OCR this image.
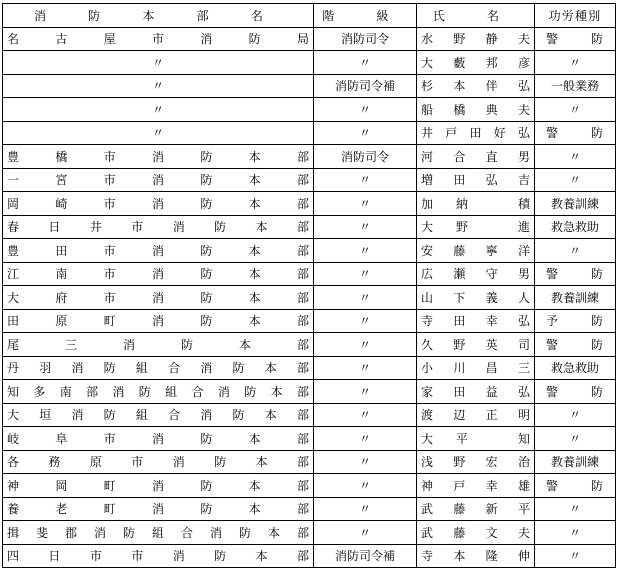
消 防 本 部 名	階 級	氏 名	功労種別
名古屋市消防局	消防司令	水野静夫	警防
〃	〃	大藪邦彦	〃
〃	消防司令補	杉本伴弘	一般業務
〃	〃	船橋典夫	〃
〃	〃	井戸田好弘	警防
豊橋市消防本部	消防司令	河合直男	〃
一宮市消防本部	〃	増田弘吉	〃
岡崎市消防本部	〃	加納 積	教養訓練
春日井市消防本部	〃	大野 進	救急救助
豊田市消防本部	〃	安藤寧洋	〃
江南市消防本部	〃	広瀬守男	警防
大府市消防本部	〃	山下義人	教養訓練
田原町消防本部	〃	寺田幸弘	予防
尾三消防本部	〃	久野英司	警防
丹羽消防組合消防本部	〃	小川昌三	救急救助
知多南部消防組合消防本部	〃	家田益弘	警防
大垣消防組合消防本部	〃	渡辺正明	〃
岐阜市消防本部	〃	大平 知	〃
各務原市消防本部	〃	浅野宏治	教養訓練
神岡町消防本部	〃	神戸幸雄	警防
養老町消防本部	〃	武藤新平	〃
揖斐郡消防組合消防本部	〃	武藤文夫	〃
四日市市消防本部	消防司令補	寺本隆伸	〃
